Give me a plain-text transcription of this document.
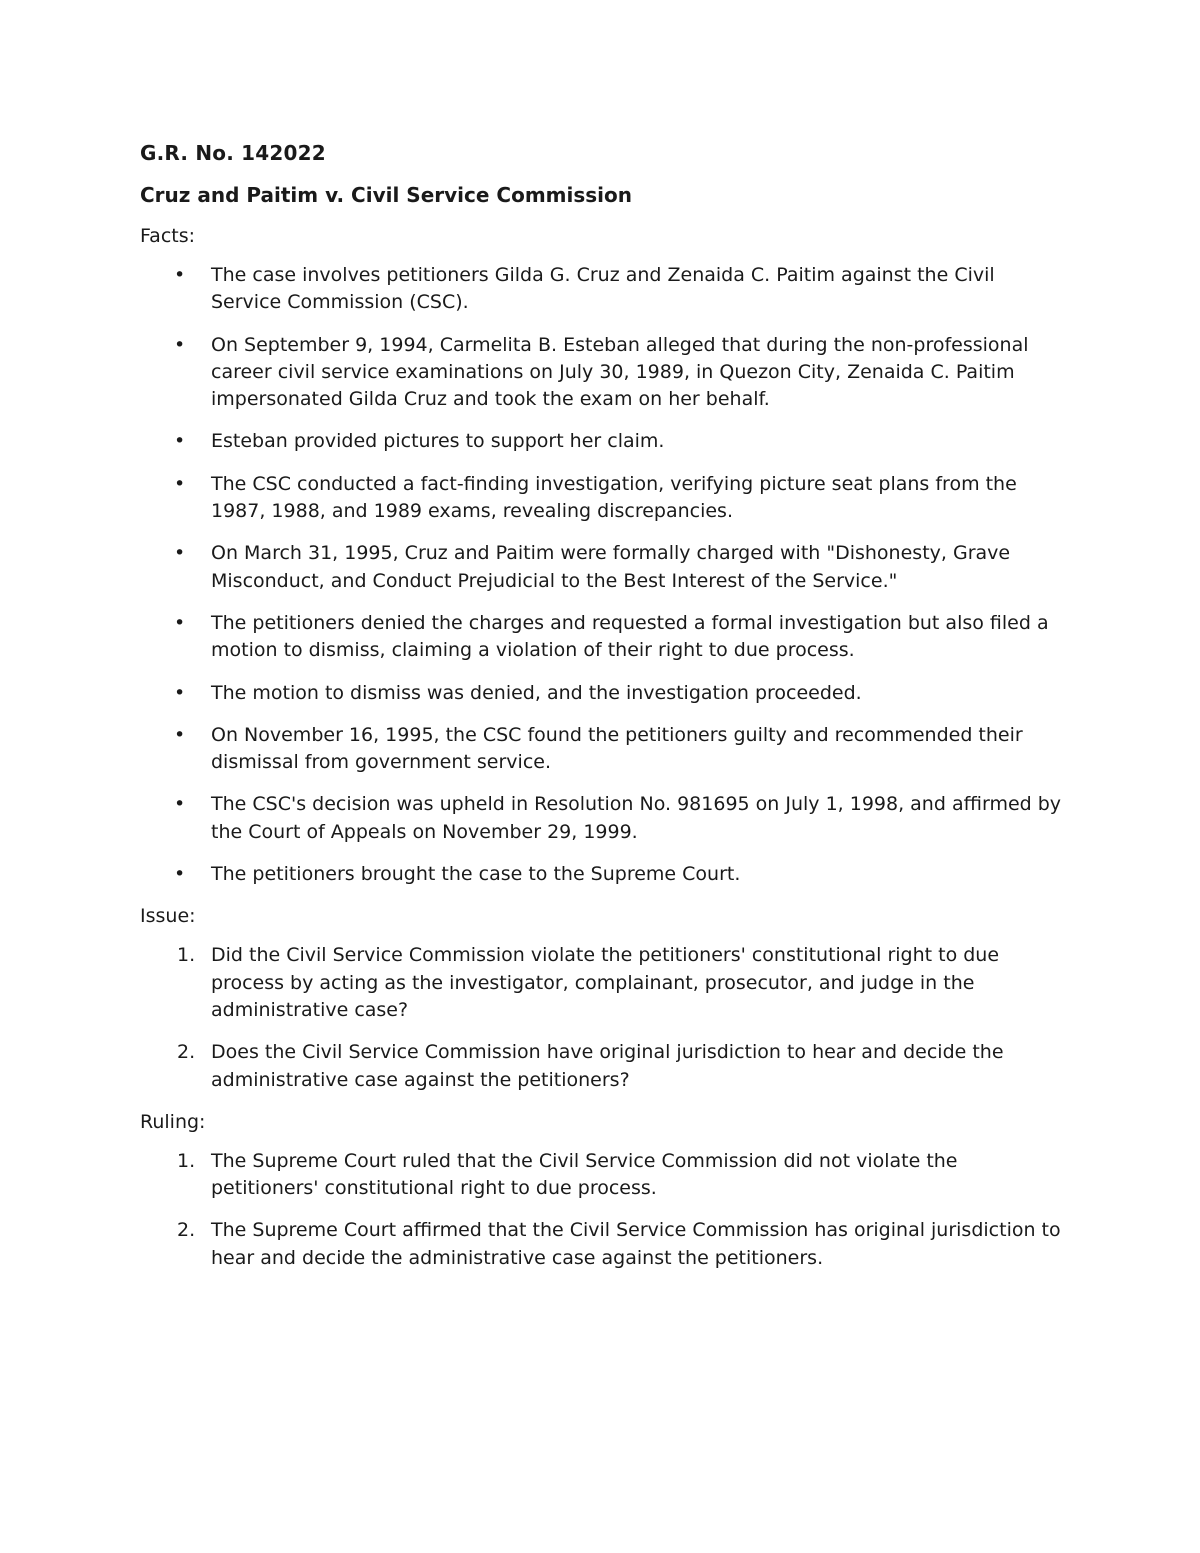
G.R. No. 142022
Cruz and Paitim v. Civil Service Commission
Facts:
•	The case involves petitioners Gilda G. Cruz and Zenaida C. Paitim against the Civil Service Commission (CSC).
•	On September 9, 1994, Carmelita B. Esteban alleged that during the non-professional career civil service examinations on July 30, 1989, in Quezon City, Zenaida C. Paitim impersonated Gilda Cruz and took the exam on her behalf.
•	Esteban provided pictures to support her claim.
•	The CSC conducted a fact-finding investigation, verifying picture seat plans from the 1987, 1988, and 1989 exams, revealing discrepancies.
•	On March 31, 1995, Cruz and Paitim were formally charged with "Dishonesty, Grave Misconduct, and Conduct Prejudicial to the Best Interest of the Service."
•	The petitioners denied the charges and requested a formal investigation but also filed a motion to dismiss, claiming a violation of their right to due process.
•	The motion to dismiss was denied, and the investigation proceeded.
•	On November 16, 1995, the CSC found the petitioners guilty and recommended their dismissal from government service.
•	The CSC's decision was upheld in Resolution No. 981695 on July 1, 1998, and affirmed by the Court of Appeals on November 29, 1999.
•	The petitioners brought the case to the Supreme Court.
Issue:
1. Did the Civil Service Commission violate the petitioners' constitutional right to due process by acting as the investigator, complainant, prosecutor, and judge in the administrative case?
2. Does the Civil Service Commission have original jurisdiction to hear and decide the administrative case against the petitioners?
Ruling:
1. The Supreme Court ruled that the Civil Service Commission did not violate the petitioners' constitutional right to due process.
2. The Supreme Court affirmed that the Civil Service Commission has original jurisdiction to hear and decide the administrative case against the petitioners.
